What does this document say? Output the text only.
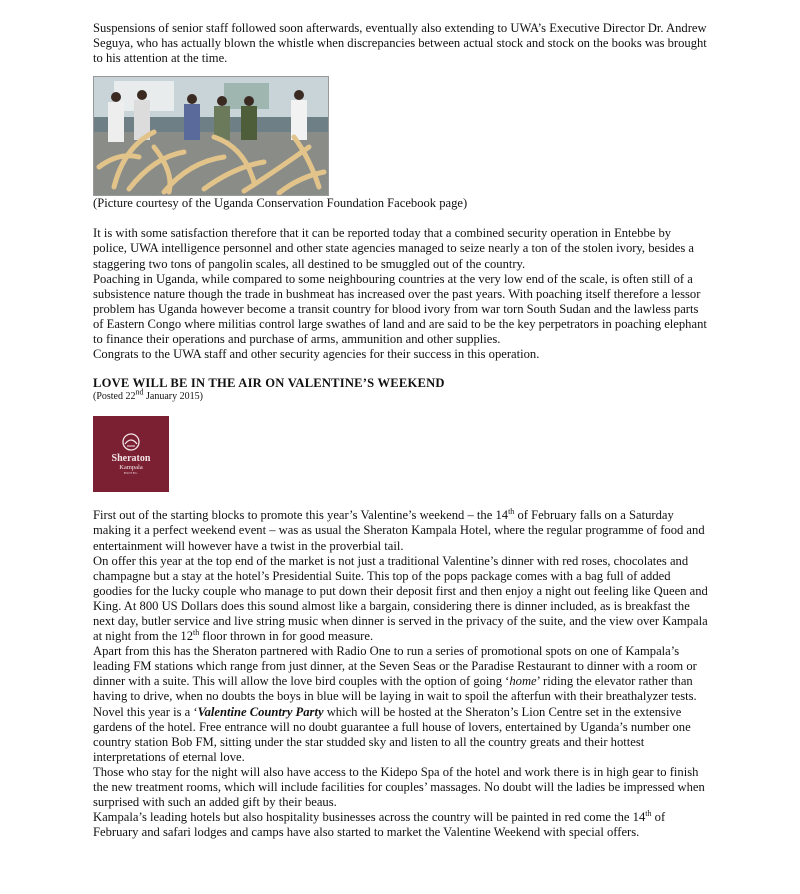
Suspensions of senior staff followed soon afterwards, eventually also extending to UWA’s Executive Director Dr. Andrew Seguya, who has actually blown the whistle when discrepancies between actual stock and stock on the books was brought to his attention at the time.

(Picture courtesy of the Uganda Conservation Foundation Facebook page)

It is with some satisfaction therefore that it can be reported today that a combined security operation in Entebbe by police, UWA intelligence personnel and other state agencies managed to seize nearly a ton of the stolen ivory, besides a staggering two tons of pangolin scales, all destined to be smuggled out of the country.

Poaching in Uganda, while compared to some neighbouring countries at the very low end of the scale, is often still of a subsistence nature though the trade in bushmeat has increased over the past years. With poaching itself therefore a lessor problem has Uganda however become a transit country for blood ivory from war torn South Sudan and the lawless parts of Eastern Congo where militias control large swathes of land and are said to be the key perpetrators in poaching elephant to finance their operations and purchase of arms, ammunition and other supplies.

Congrats to the UWA staff and other security agencies for their success in this operation.

LOVE WILL BE IN THE AIR ON VALENTINE’S WEEKEND

(Posted 22nd January 2015)

Sheraton
Kampala
HOTEL

First out of the starting blocks to promote this year’s Valentine’s weekend – the 14th of February falls on a Saturday making it a perfect weekend event – was as usual the Sheraton Kampala Hotel, where the regular programme of food and entertainment will however have a twist in the proverbial tail.

On offer this year at the top end of the market is not just a traditional Valentine’s dinner with red roses, chocolates and champagne but a stay at the hotel’s Presidential Suite. This top of the pops package comes with a bag full of added goodies for the lucky couple who manage to put down their deposit first and then enjoy a night out feeling like Queen and King. At 800 US Dollars does this sound almost like a bargain, considering there is dinner included, as is breakfast the next day, butler service and live string music when dinner is served in the privacy of the suite, and the view over Kampala at night from the 12th floor thrown in for good measure.

Apart from this has the Sheraton partnered with Radio One to run a series of promotional spots on one of Kampala’s leading FM stations which range from just dinner, at the Seven Seas or the Paradise Restaurant to dinner with a room or dinner with a suite. This will allow the love bird couples with the option of going ‘home’ riding the elevator rather than having to drive, when no doubts the boys in blue will be laying in wait to spoil the afterfun with their breathalyzer tests.

Novel this year is a ‘Valentine Country Party which will be hosted at the Sheraton’s Lion Centre set in the extensive gardens of the hotel. Free entrance will no doubt guarantee a full house of lovers, entertained by Uganda’s number one country station Bob FM, sitting under the star studded sky and listen to all the country greats and their hottest interpretations of eternal love.

Those who stay for the night will also have access to the Kidepo Spa of the hotel and work there is in high gear to finish the new treatment rooms, which will include facilities for couples’ massages. No doubt will the ladies be impressed when surprised with such an added gift by their beaus.

Kampala’s leading hotels but also hospitality businesses across the country will be painted in red come the 14th of February and safari lodges and camps have also started to market the Valentine Weekend with special offers.
